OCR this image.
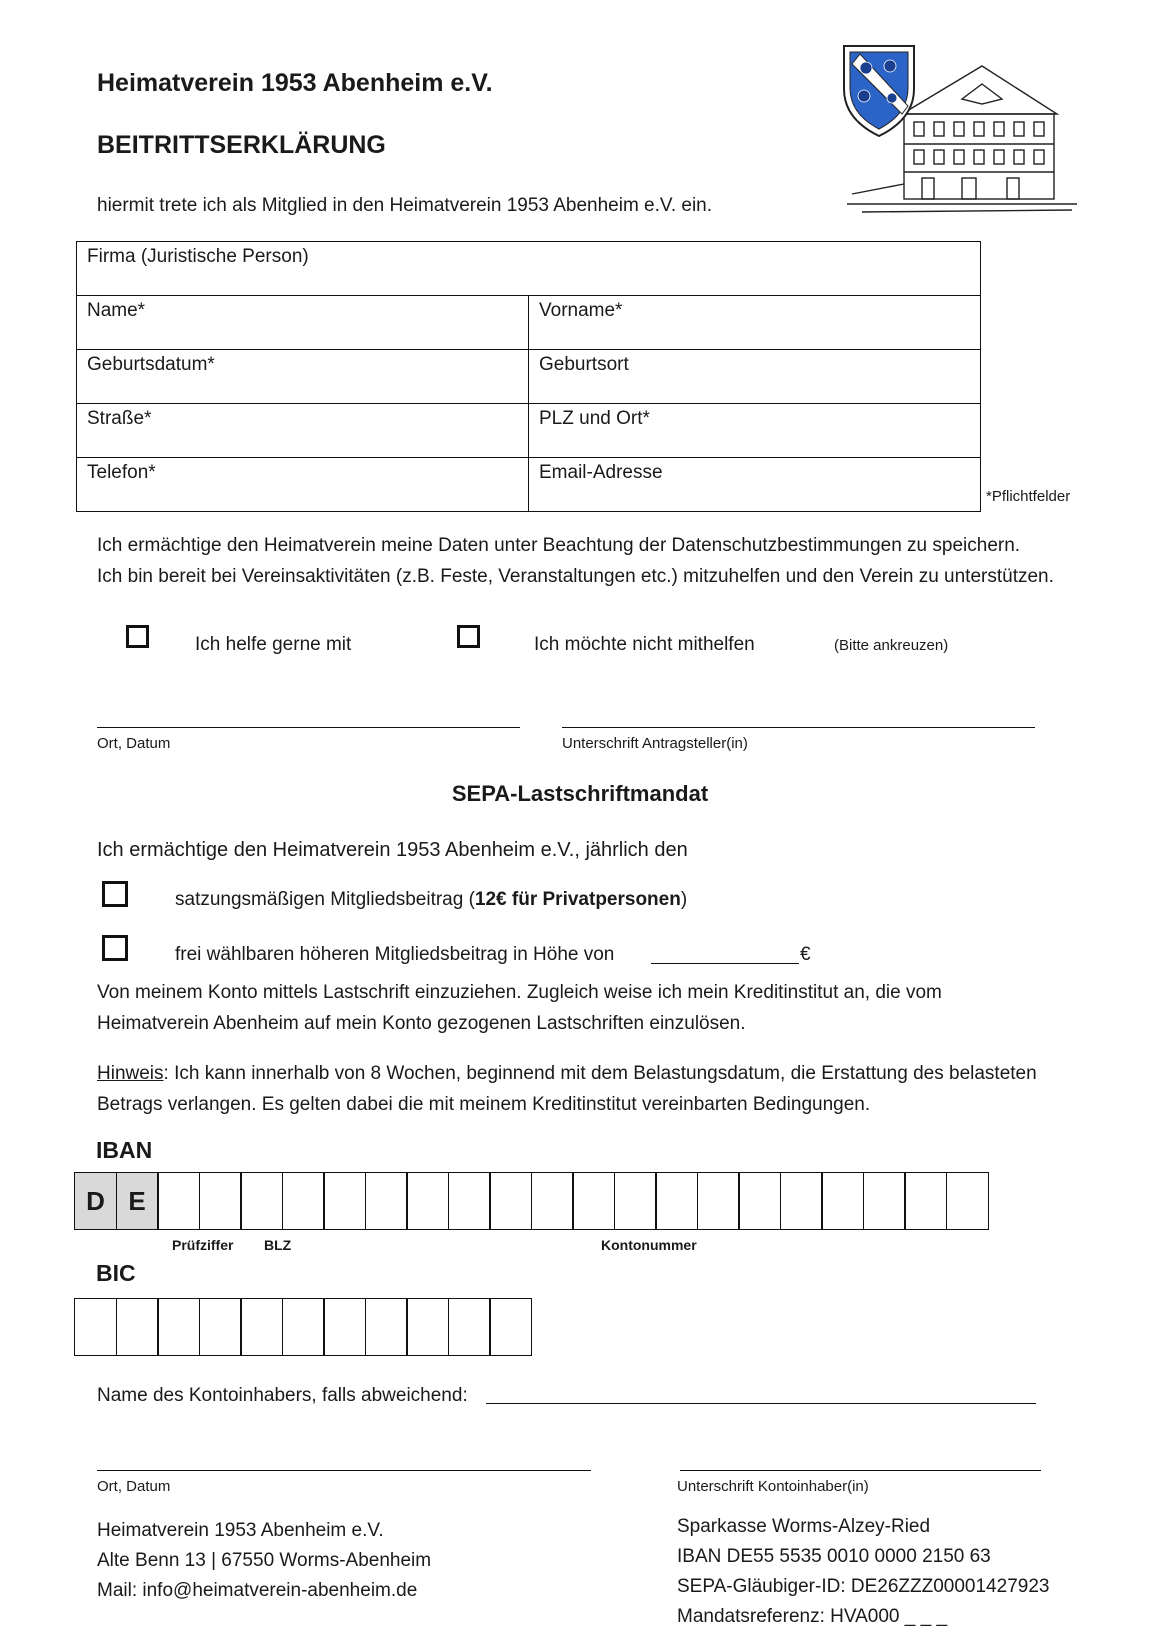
Heimatverein 1953 Abenheim e.V.
BEITRITTSERKLÄRUNG
hiermit trete ich als Mitglied in den Heimatverein 1953 Abenheim e.V. ein.
Firma (Juristische Person)	
Name*	Vorname*
Geburtsdatum*	Geburtsort
Straße*	PLZ und Ort*
Telefon*	Email-Adresse
*Pflichtfelder
Ich ermächtige den Heimatverein meine Daten unter Beachtung der Datenschutzbestimmungen zu speichern.
Ich bin bereit bei Vereinsaktivitäten (z.B. Feste, Veranstaltungen etc.) mitzuhelfen und den Verein zu unterstützen.
Ich helfe gerne mit	Ich möchte nicht mithelfen	(Bitte ankreuzen)
Ort, Datum	Unterschrift Antragsteller(in)
SEPA-Lastschriftmandat
Ich ermächtige den Heimatverein 1953 Abenheim e.V., jährlich den
satzungsmäßigen Mitgliedsbeitrag (12€ für Privatpersonen)
frei wählbaren höheren Mitgliedsbeitrag in Höhe von	€
Von meinem Konto mittels Lastschrift einzuziehen. Zugleich weise ich mein Kreditinstitut an, die vom
Heimatverein Abenheim auf mein Konto gezogenen Lastschriften einzulösen.
Hinweis: Ich kann innerhalb von 8 Wochen, beginnend mit dem Belastungsdatum, die Erstattung des belasteten
Betrags verlangen. Es gelten dabei die mit meinem Kreditinstitut vereinbarten Bedingungen.
IBAN
D E
Prüfziffer BLZ	Kontonummer
BIC
Name des Kontoinhabers, falls abweichend:
Ort, Datum	Unterschrift Kontoinhaber(in)
Heimatverein 1953 Abenheim e.V.
Alte Benn 13 | 67550 Worms-Abenheim
Mail: info@heimatverein-abenheim.de
Sparkasse Worms-Alzey-Ried
IBAN DE55 5535 0010 0000 2150 63
SEPA-Gläubiger-ID: DE26ZZZ00001427923
Mandatsreferenz: HVA000 _ _ _
